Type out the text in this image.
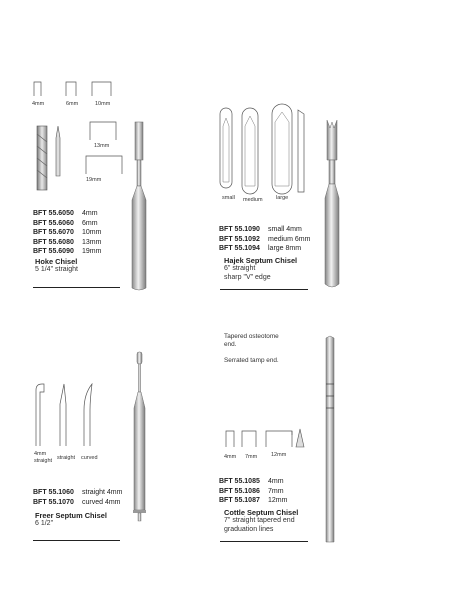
4mm	6mm	10mm
13mm
19mm
BFT 55.6050	4mm
BFT 55.6060	6mm
BFT 55.6070	10mm
BFT 55.6080	13mm
BFT 55.6090	19mm
Hoke Chisel
5 1/4" straight
small medium large
BFT 55.1090	small 4mm
BFT 55.1092	medium 6mm
BFT 55.1094	large 8mm
Hajek Septum Chisel
6" straight
sharp "V" edge
4mm
straight straight curved
BFT 55.1060	straight 4mm
BFT 55.1070	curved 4mm
Freer Septum Chisel
6 1/2"
Tapered osteotome
end.
Serrated tamp end.
4mm 7mm	12mm
BFT 55.1085	4mm
BFT 55.1086	7mm
BFT 55.1087	12mm
Cottle Septum Chisel
7" straight tapered end
graduation lines
